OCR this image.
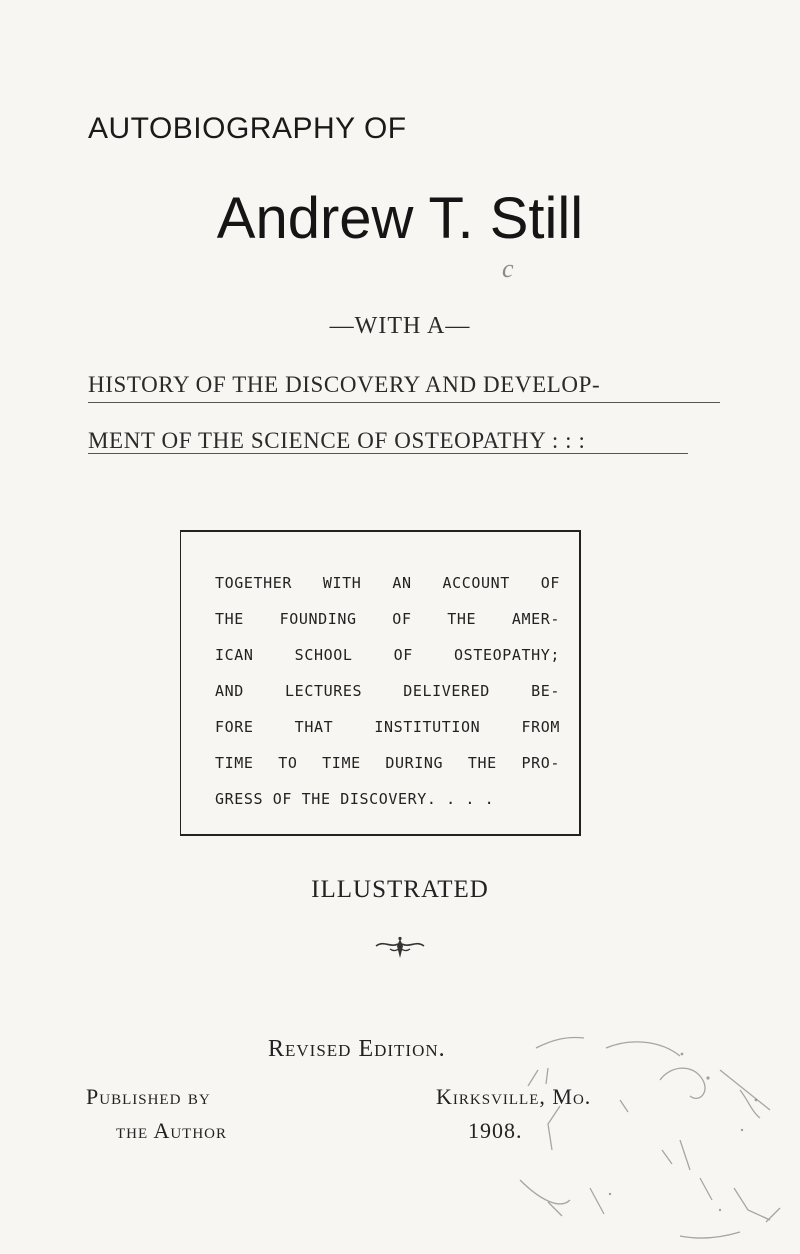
AUTOBIOGRAPHY OF
Andrew T. Still
c
—WITH A—
HISTORY OF THE DISCOVERY AND DEVELOP-
MENT OF THE SCIENCE OF OSTEOPATHY : : :
TOGETHER WITH AN ACCOUNT OF
THE FOUNDING OF THE AMER-
ICAN SCHOOL OF OSTEOPATHY;
AND LECTURES DELIVERED BE-
FORE THAT INSTITUTION FROM
TIME TO TIME DURING THE PRO-
GRESS OF THE DISCOVERY. . . .
ILLUSTRATED
Revised Edition.
Published by
the Author
Kirksville, Mo.
1908.
